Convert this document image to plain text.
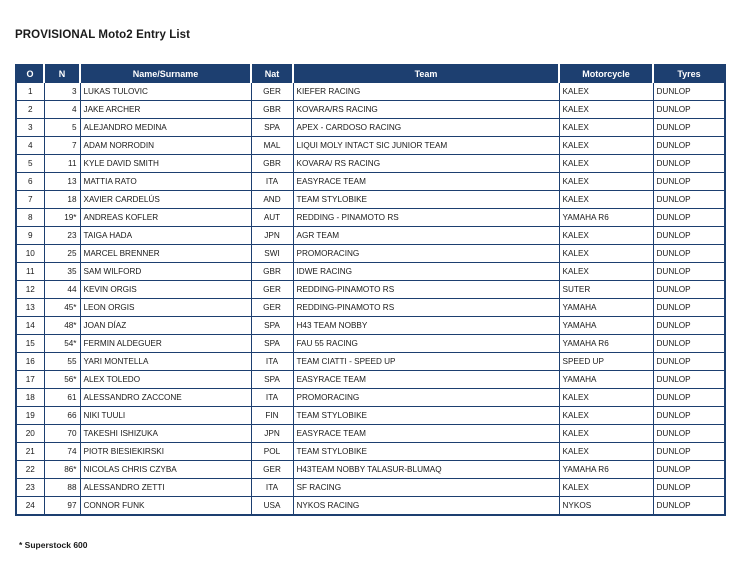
PROVISIONAL Moto2 Entry List
O	N	Name/Surname	Nat	Team	Motorcycle	Tyres
1	3	LUKAS TULOVIC	GER	KIEFER RACING	KALEX	DUNLOP
2	4	JAKE ARCHER	GBR	KOVARA/RS RACING	KALEX	DUNLOP
3	5	ALEJANDRO MEDINA	SPA	APEX - CARDOSO RACING	KALEX	DUNLOP
4	7	ADAM NORRODIN	MAL	LIQUI MOLY INTACT SIC JUNIOR TEAM	KALEX	DUNLOP
5	11	KYLE DAVID SMITH	GBR	KOVARA/ RS RACING	KALEX	DUNLOP
6	13	MATTIA RATO	ITA	EASYRACE TEAM	KALEX	DUNLOP
7	18	XAVIER CARDELÚS	AND	TEAM STYLOBIKE	KALEX	DUNLOP
8	19*	ANDREAS KOFLER	AUT	REDDING - PINAMOTO RS	YAMAHA R6	DUNLOP
9	23	TAIGA HADA	JPN	AGR TEAM	KALEX	DUNLOP
10	25	MARCEL BRENNER	SWI	PROMORACING	KALEX	DUNLOP
11	35	SAM WILFORD	GBR	IDWE RACING	KALEX	DUNLOP
12	44	KEVIN ORGIS	GER	REDDING-PINAMOTO RS	SUTER	DUNLOP
13	45*	LEON ORGIS	GER	REDDING-PINAMOTO RS	YAMAHA	DUNLOP
14	48*	JOAN DÍAZ	SPA	H43 TEAM NOBBY	YAMAHA	DUNLOP
15	54*	FERMIN ALDEGUER	SPA	FAU 55 RACING	YAMAHA R6	DUNLOP
16	55	YARI MONTELLA	ITA	TEAM CIATTI - SPEED UP	SPEED UP	DUNLOP
17	56*	ALEX TOLEDO	SPA	EASYRACE TEAM	YAMAHA	DUNLOP
18	61	ALESSANDRO ZACCONE	ITA	PROMORACING	KALEX	DUNLOP
19	66	NIKI TUULI	FIN	TEAM STYLOBIKE	KALEX	DUNLOP
20	70	TAKESHI ISHIZUKA	JPN	EASYRACE TEAM	KALEX	DUNLOP
21	74	PIOTR BIESIEKIRSKI	POL	TEAM STYLOBIKE	KALEX	DUNLOP
22	86*	NICOLAS CHRIS CZYBA	GER	H43TEAM NOBBY TALASUR-BLUMAQ	YAMAHA R6	DUNLOP
23	88	ALESSANDRO ZETTI	ITA	SF RACING	KALEX	DUNLOP
24	97	CONNOR FUNK	USA	NYKOS RACING	NYKOS	DUNLOP
* Superstock 600
